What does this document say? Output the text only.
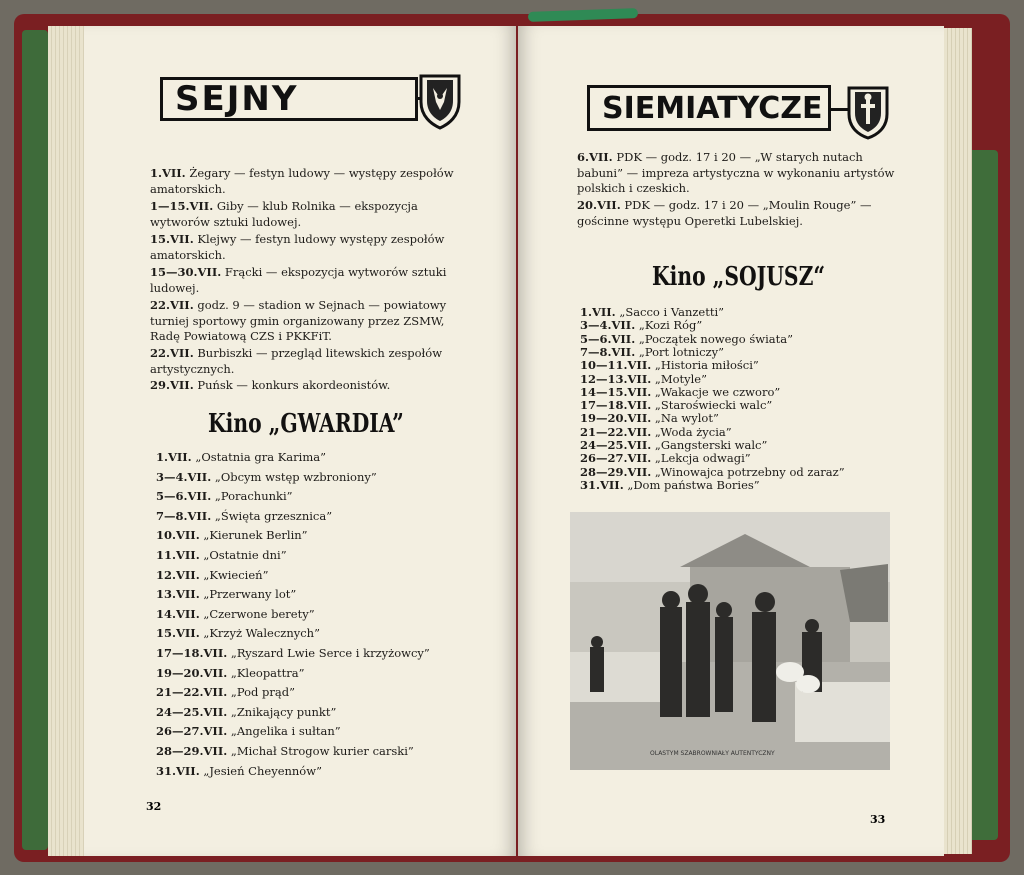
SEJNY
1.VII. Żegary — festyn ludowy — występy zespołów amatorskich.
1—15.VII. Giby — klub Rolnika — ekspozycja wytworów sztuki ludowej.
15.VII. Klejwy — festyn ludowy występy zespołów amatorskich.
15—30.VII. Frącki — ekspozycja wytworów sztuki ludowej.
22.VII. godz. 9 — stadion w Sejnach — powiatowy turniej sportowy gmin organizowany przez ZSMW, Radę Powiatową CZS i PKKFiT.
22.VII. Burbiszki — przegląd litewskich zespołów artystycznych.
29.VII. Puńsk — konkurs akordeonistów.
Kino „GWARDIA”
1.VII. „Ostatnia gra Karima”
3—4.VII. „Obcym wstęp wzbroniony”
5—6.VII. „Porachunki”
7—8.VII. „Święta grzesznica”
10.VII. „Kierunek Berlin”
11.VII. „Ostatnie dni”
12.VII. „Kwiecień”
13.VII. „Przerwany lot”
14.VII. „Czerwone berety”
15.VII. „Krzyż Walecznych”
17—18.VII. „Ryszard Lwie Serce i krzyżowcy”
19—20.VII. „Kleopattra”
21—22.VII. „Pod prąd”
24—25.VII. „Znikający punkt”
26—27.VII. „Angelika i sułtan”
28—29.VII. „Michał Strogow kurier carski”
31.VII. „Jesień Cheyennów”
32
SIEMIATYCZE
6.VII. PDK — godz. 17 i 20 — „W starych nutach babuni” — impreza artystyczna w wykonaniu artystów polskich i czeskich.
20.VII. PDK — godz. 17 i 20 — „Moulin Rouge” — gościnne występu Operetki Lubelskiej.
Kino „SOJUSZ“
1.VII. „Sacco i Vanzetti”
3—4.VII. „Kozi Róg”
5—6.VII. „Początek nowego świata”
7—8.VII. „Port lotniczy”
10—11.VII. „Historia miłości”
12—13.VII. „Motyle”
14—15.VII. „Wakacje we czworo”
17—18.VII. „Staroświecki walc”
19—20.VII. „Na wylot”
21—22.VII. „Woda życia”
24—25.VII. „Gangsterski walc”
26—27.VII. „Lekcja odwagi”
28—29.VII. „Winowajca potrzebny od zaraz”
31.VII. „Dom państwa Bories”
OLASTYM SZABROWNIAŁY AUTENTYCZNY
33
